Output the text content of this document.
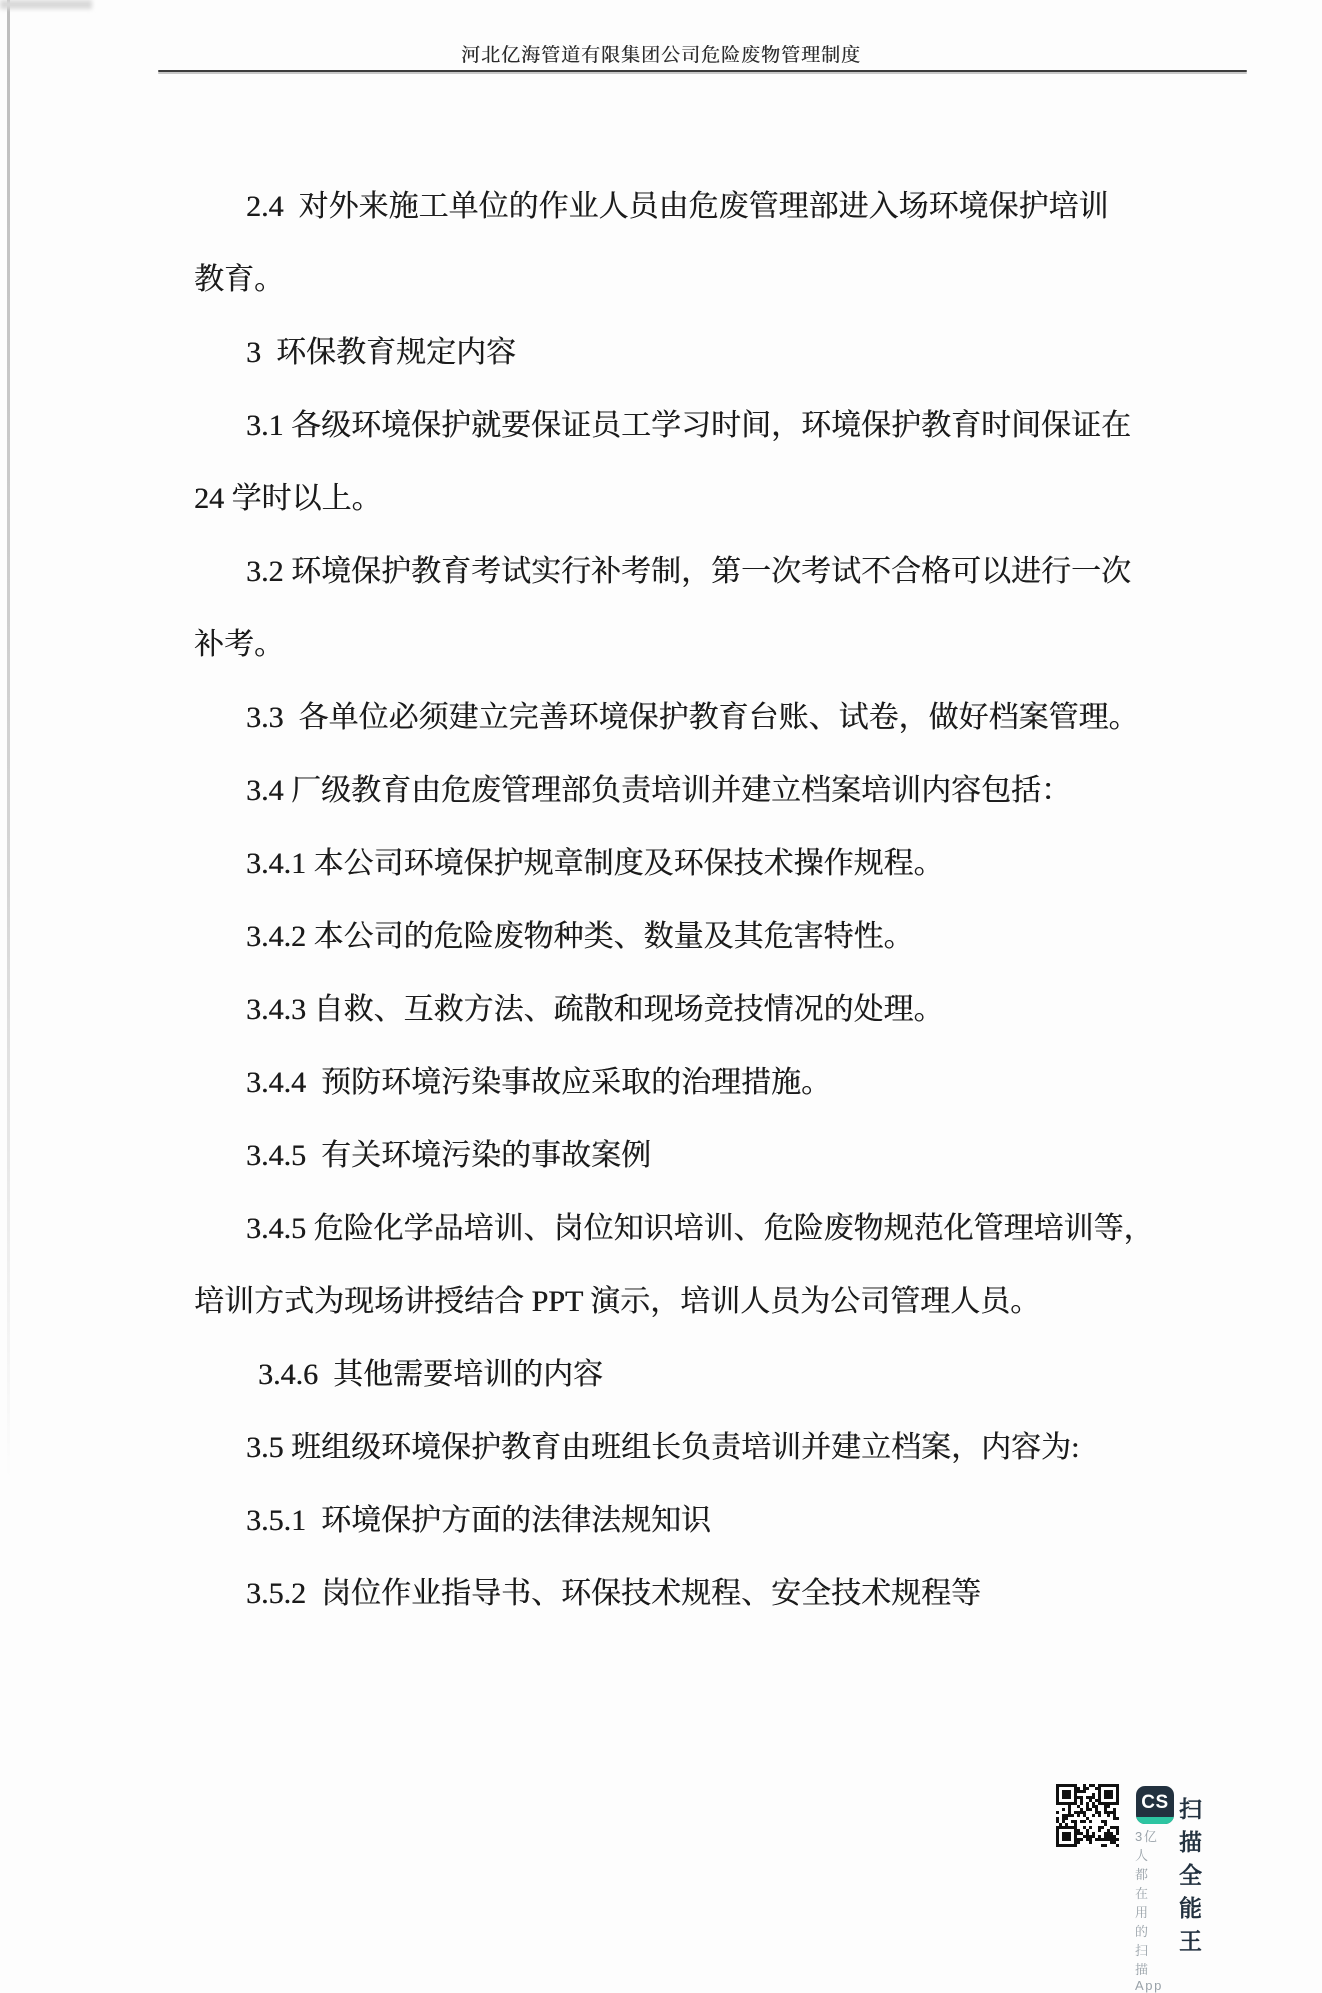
河北亿海管道有限集团公司危险废物管理制度
2.4  对外来施工单位的作业人员由危废管理部进入场环境保护培训
教育。
3  环保教育规定内容
3.1 各级环境保护就要保证员工学习时间，环境保护教育时间保证在
24 学时以上。
3.2 环境保护教育考试实行补考制，第一次考试不合格可以进行一次
补考。
3.3  各单位必须建立完善环境保护教育台账、试卷，做好档案管理。
3.4 厂级教育由危废管理部负责培训并建立档案培训内容包括：
3.4.1 本公司环境保护规章制度及环保技术操作规程。
3.4.2 本公司的危险废物种类、数量及其危害特性。
3.4.3 自救、互救方法、疏散和现场竞技情况的处理。
3.4.4  预防环境污染事故应采取的治理措施。
3.4.5  有关环境污染的事故案例
3.4.5 危险化学品培训、岗位知识培训、危险废物规范化管理培训等，
培训方式为现场讲授结合 PPT 演示，培训人员为公司管理人员。
3.4.6  其他需要培训的内容
3.5 班组级环境保护教育由班组长负责培训并建立档案，内容为:
3.5.1  环境保护方面的法律法规知识
3.5.2  岗位作业指导书、环保技术规程、安全技术规程等
CS 扫描全能王
3亿人都在用的扫描App
